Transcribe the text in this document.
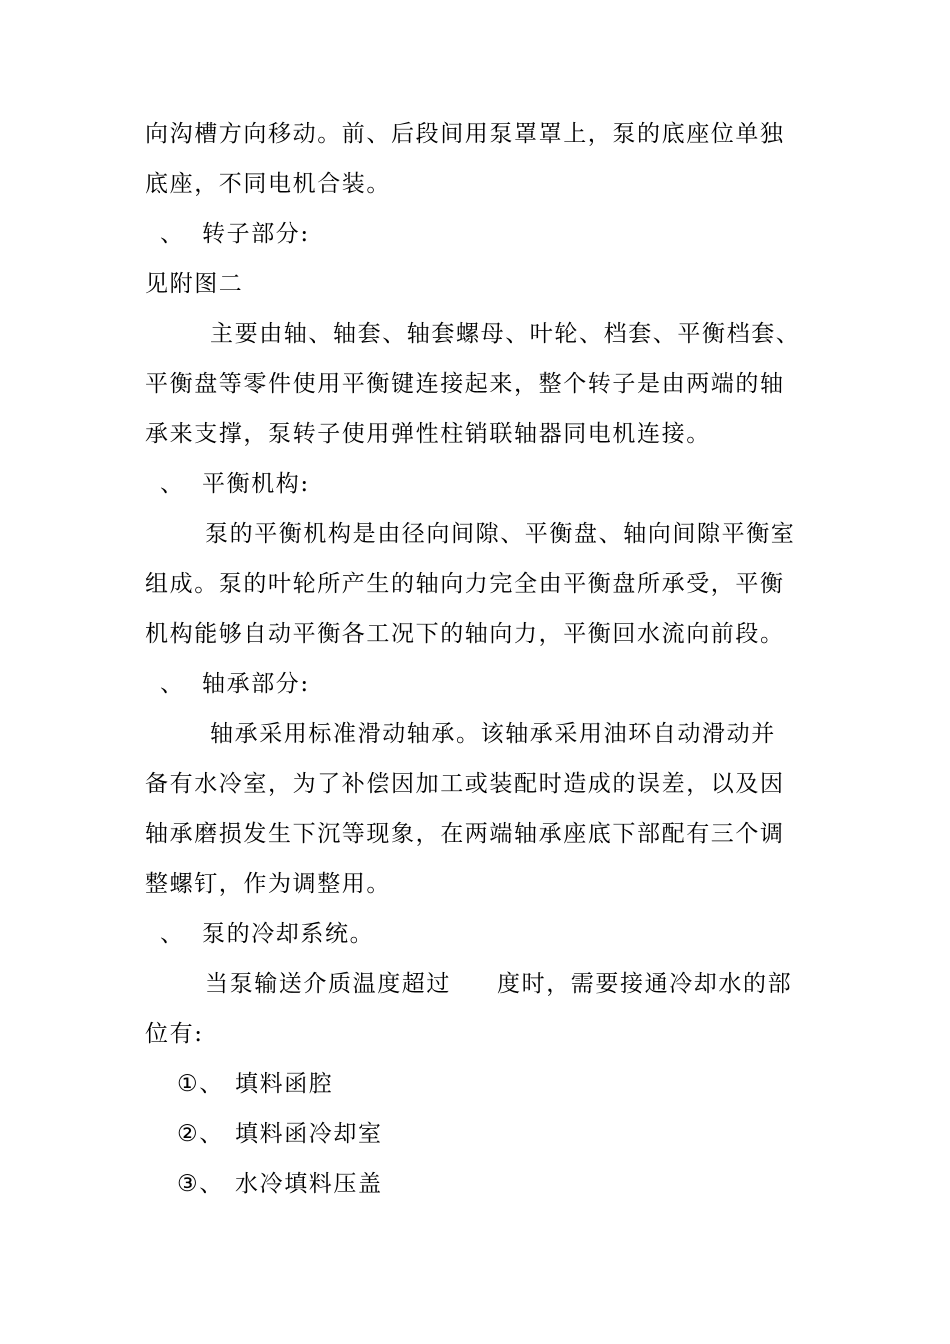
向沟槽方向移动。前、后段间用泵罩罩上，泵的底座位单独
底座，不同电机合装。
、 转子部分:
见附图二
主要由轴、轴套、轴套螺母、叶轮、档套、平衡档套、
平衡盘等零件使用平衡键连接起来，整个转子是由两端的轴
承来支撑，泵转子使用弹性柱销联轴器同电机连接。
、 平衡机构:
泵的平衡机构是由径向间隙、平衡盘、轴向间隙平衡室
组成。泵的叶轮所产生的轴向力完全由平衡盘所承受，平衡
机构能够自动平衡各工况下的轴向力，平衡回水流向前段。
、 轴承部分:
轴承采用标准滑动轴承。该轴承采用油环自动滑动并
备有水冷室，为了补偿因加工或装配时造成的误差，以及因
轴承磨损发生下沉等现象，在两端轴承座底下部配有三个调
整螺钉，作为调整用。
、 泵的冷却系统。
当泵输送介质温度超过 度时，需要接通冷却水的部
位有:
①、 填料函腔
②、 填料函冷却室
③、 水冷填料压盖
